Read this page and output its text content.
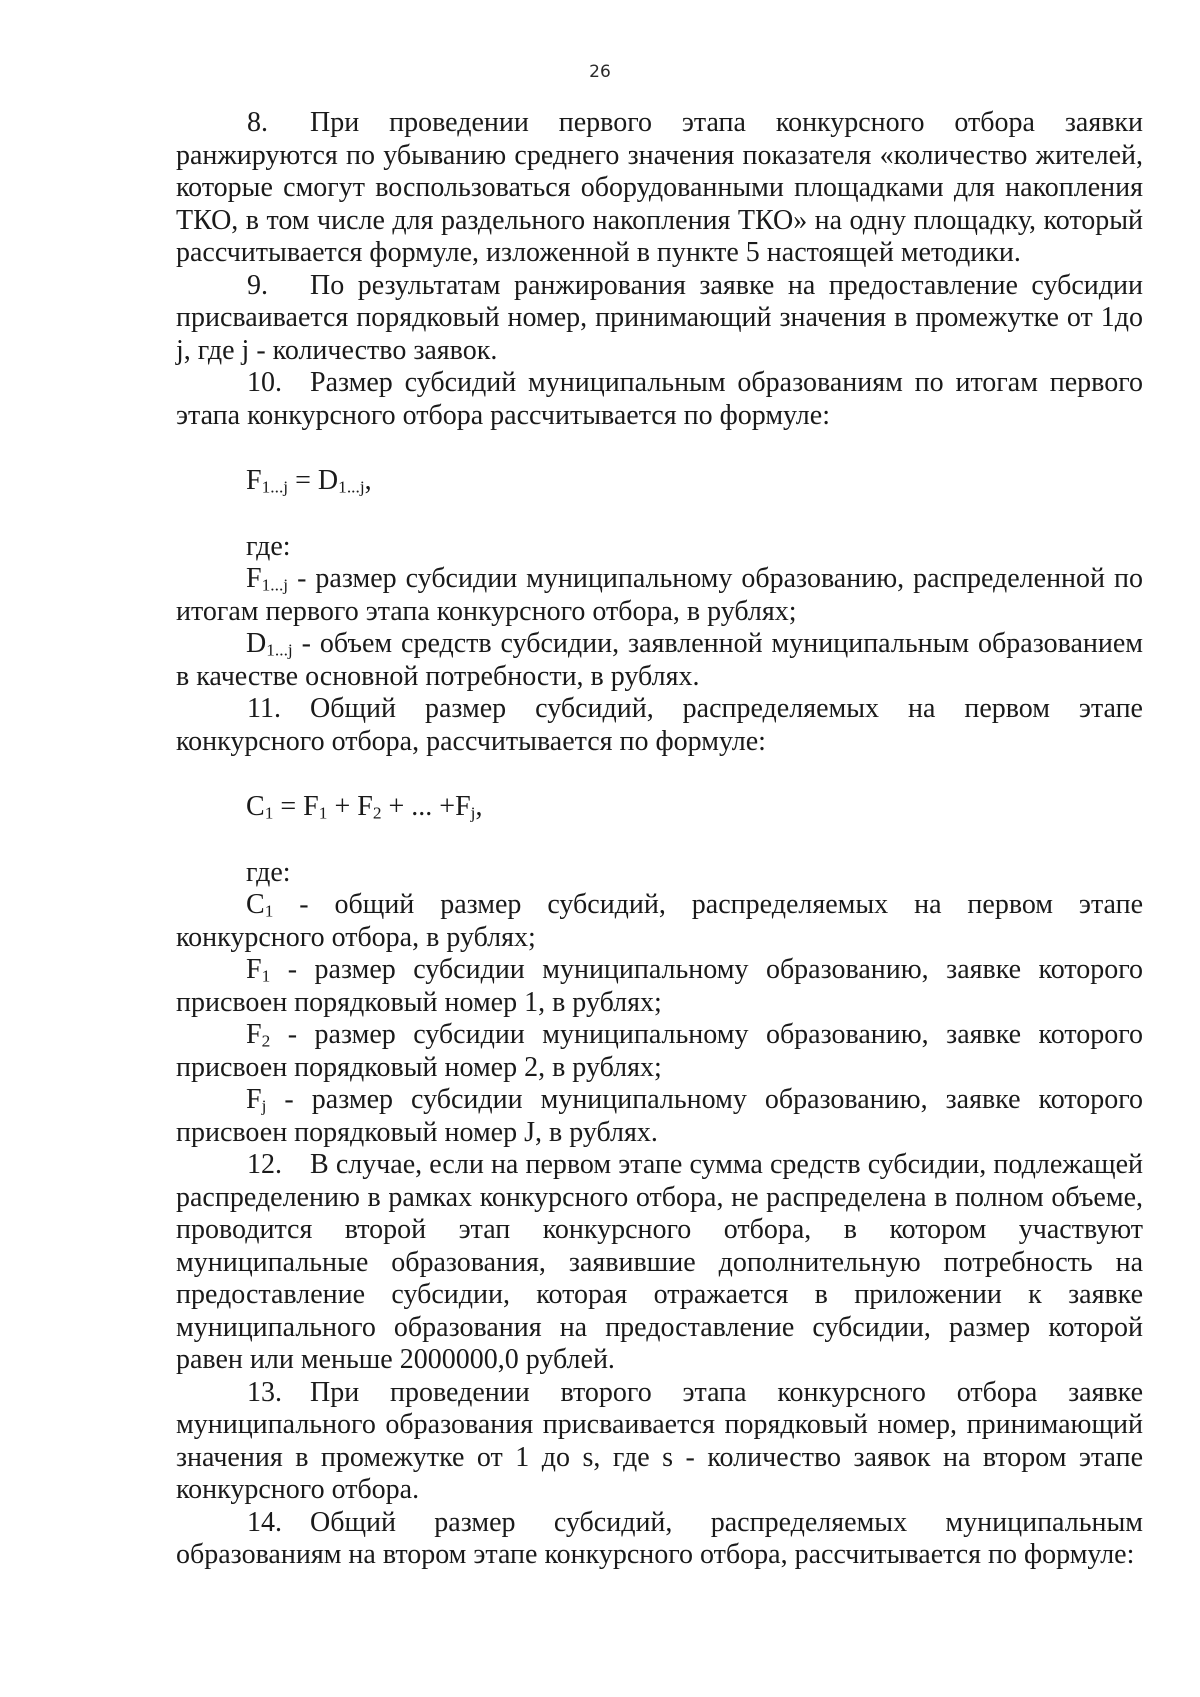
26

8. При проведении первого этапа конкурсного отбора заявки ранжируются по убыванию среднего значения показателя «количество жителей, которые смогут воспользоваться оборудованными площадками для накопления ТКО, в том числе для раздельного накопления ТКО» на одну площадку, который рассчитывается формуле, изложенной в пункте 5 настоящей методики.

9. По результатам ранжирования заявке на предоставление субсидии присваивается порядковый номер, принимающий значения в промежутке от 1до j, где j - количество заявок.

10. Размер субсидий муниципальным образованиям по итогам первого этапа конкурсного отбора рассчитывается по формуле:

$F_{1...j} = D_{1...j}$,

где:

$F_{1...j}$ - размер субсидии муниципальному образованию, распределенной по итогам первого этапа конкурсного отбора, в рублях;

$D_{1...j}$ - объем средств субсидии, заявленной муниципальным образованием в качестве основной потребности, в рублях.

11. Общий размер субсидий, распределяемых на первом этапе конкурсного отбора, рассчитывается по формуле:

$C_1 = F_1 + F_2$ + ... $+F_j$,

где:

$C_1$ - общий размер субсидий, распределяемых на первом этапе конкурсного отбора, в рублях;

$F_1$ - размер субсидии муниципальному образованию, заявке которого присвоен порядковый номер 1, в рублях;

$F_2$ - размер субсидии муниципальному образованию, заявке которого присвоен порядковый номер 2, в рублях;

$F_j$ - размер субсидии муниципальному образованию, заявке которого присвоен порядковый номер J, в рублях.

12. В случае, если на первом этапе сумма средств субсидии, подлежащей распределению в рамках конкурсного отбора, не распределена в полном объеме, проводится второй этап конкурсного отбора, в котором участвуют муниципальные образования, заявившие дополнительную потребность на предоставление субсидии, которая отражается в приложении к заявке муниципального образования на предоставление субсидии, размер которой равен или меньше 2000000,0 рублей.

13. При проведении второго этапа конкурсного отбора заявке муниципального образования присваивается порядковый номер, принимающий значения в промежутке от 1 до s, где s - количество заявок на втором этапе конкурсного отбора.

14. Общий размер субсидий, распределяемых муниципальным образованиям на втором этапе конкурсного отбора, рассчитывается по формуле:
